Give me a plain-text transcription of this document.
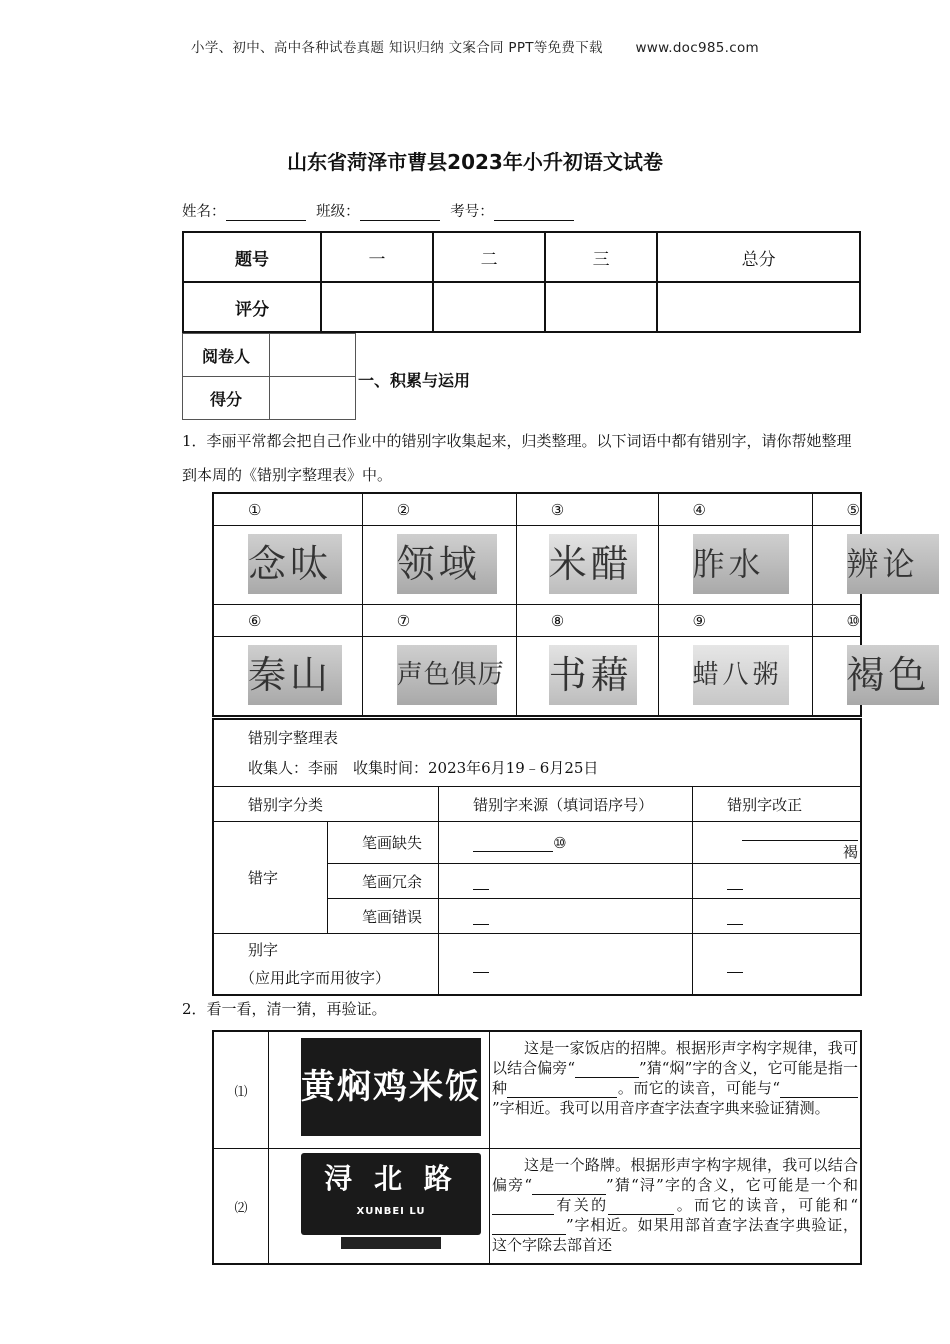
小学、初中、高中各种试卷真题 知识归纳 文案合同 PPT等免费下载 www.doc985.com
山东省菏泽市曹县2023年小升初语文试卷
姓名：	班级：	考号：
题号	一	二	三	总分
评分				
阅卷人	
得分	
一、积累与运用
1．李丽平常都会把自己作业中的错别字收集起来，归类整理。以下词语中都有错别字，请你帮她整理到本周的《错别字整理表》中。
①	②	③	④	⑤

念呔	领域	米醋	胙水	辨论

⑥	⑦	⑧	⑨	⑩

秦山	声色俱厉	书藉	蜡八粥	褐色
错别字整理表
收集人：李丽　收集时间：2023年6月19﹣6月25日			

错别字分类		错别字来源（填词语序号）	错别字改正
错字	笔画缺失	⑩	褐
	笔画冗余		
	笔画错误		

别字
（应用此字而用彼字）			

2．看一看，清一猜，再验证。
⑴	黄焖鸡米饭	这是一家饭店的招牌。根据形声字构字规律，我可以结合偏旁“ ”猜“焖”字的含义，它可能是指一种 。而它的读音，可能与“”字相近。我可以用音序查字法查字典来验证猜测。
⑵	浔 北 路
XUNBEI LU	这是一个路牌。根据形声字构字规律，我可以结合偏旁“ ”猜“浔”字的含义，它可能是一个和有关的 。而它的读音，可能和“”字相近。如果用部首查字法查字典验证，这个字除去部首还
